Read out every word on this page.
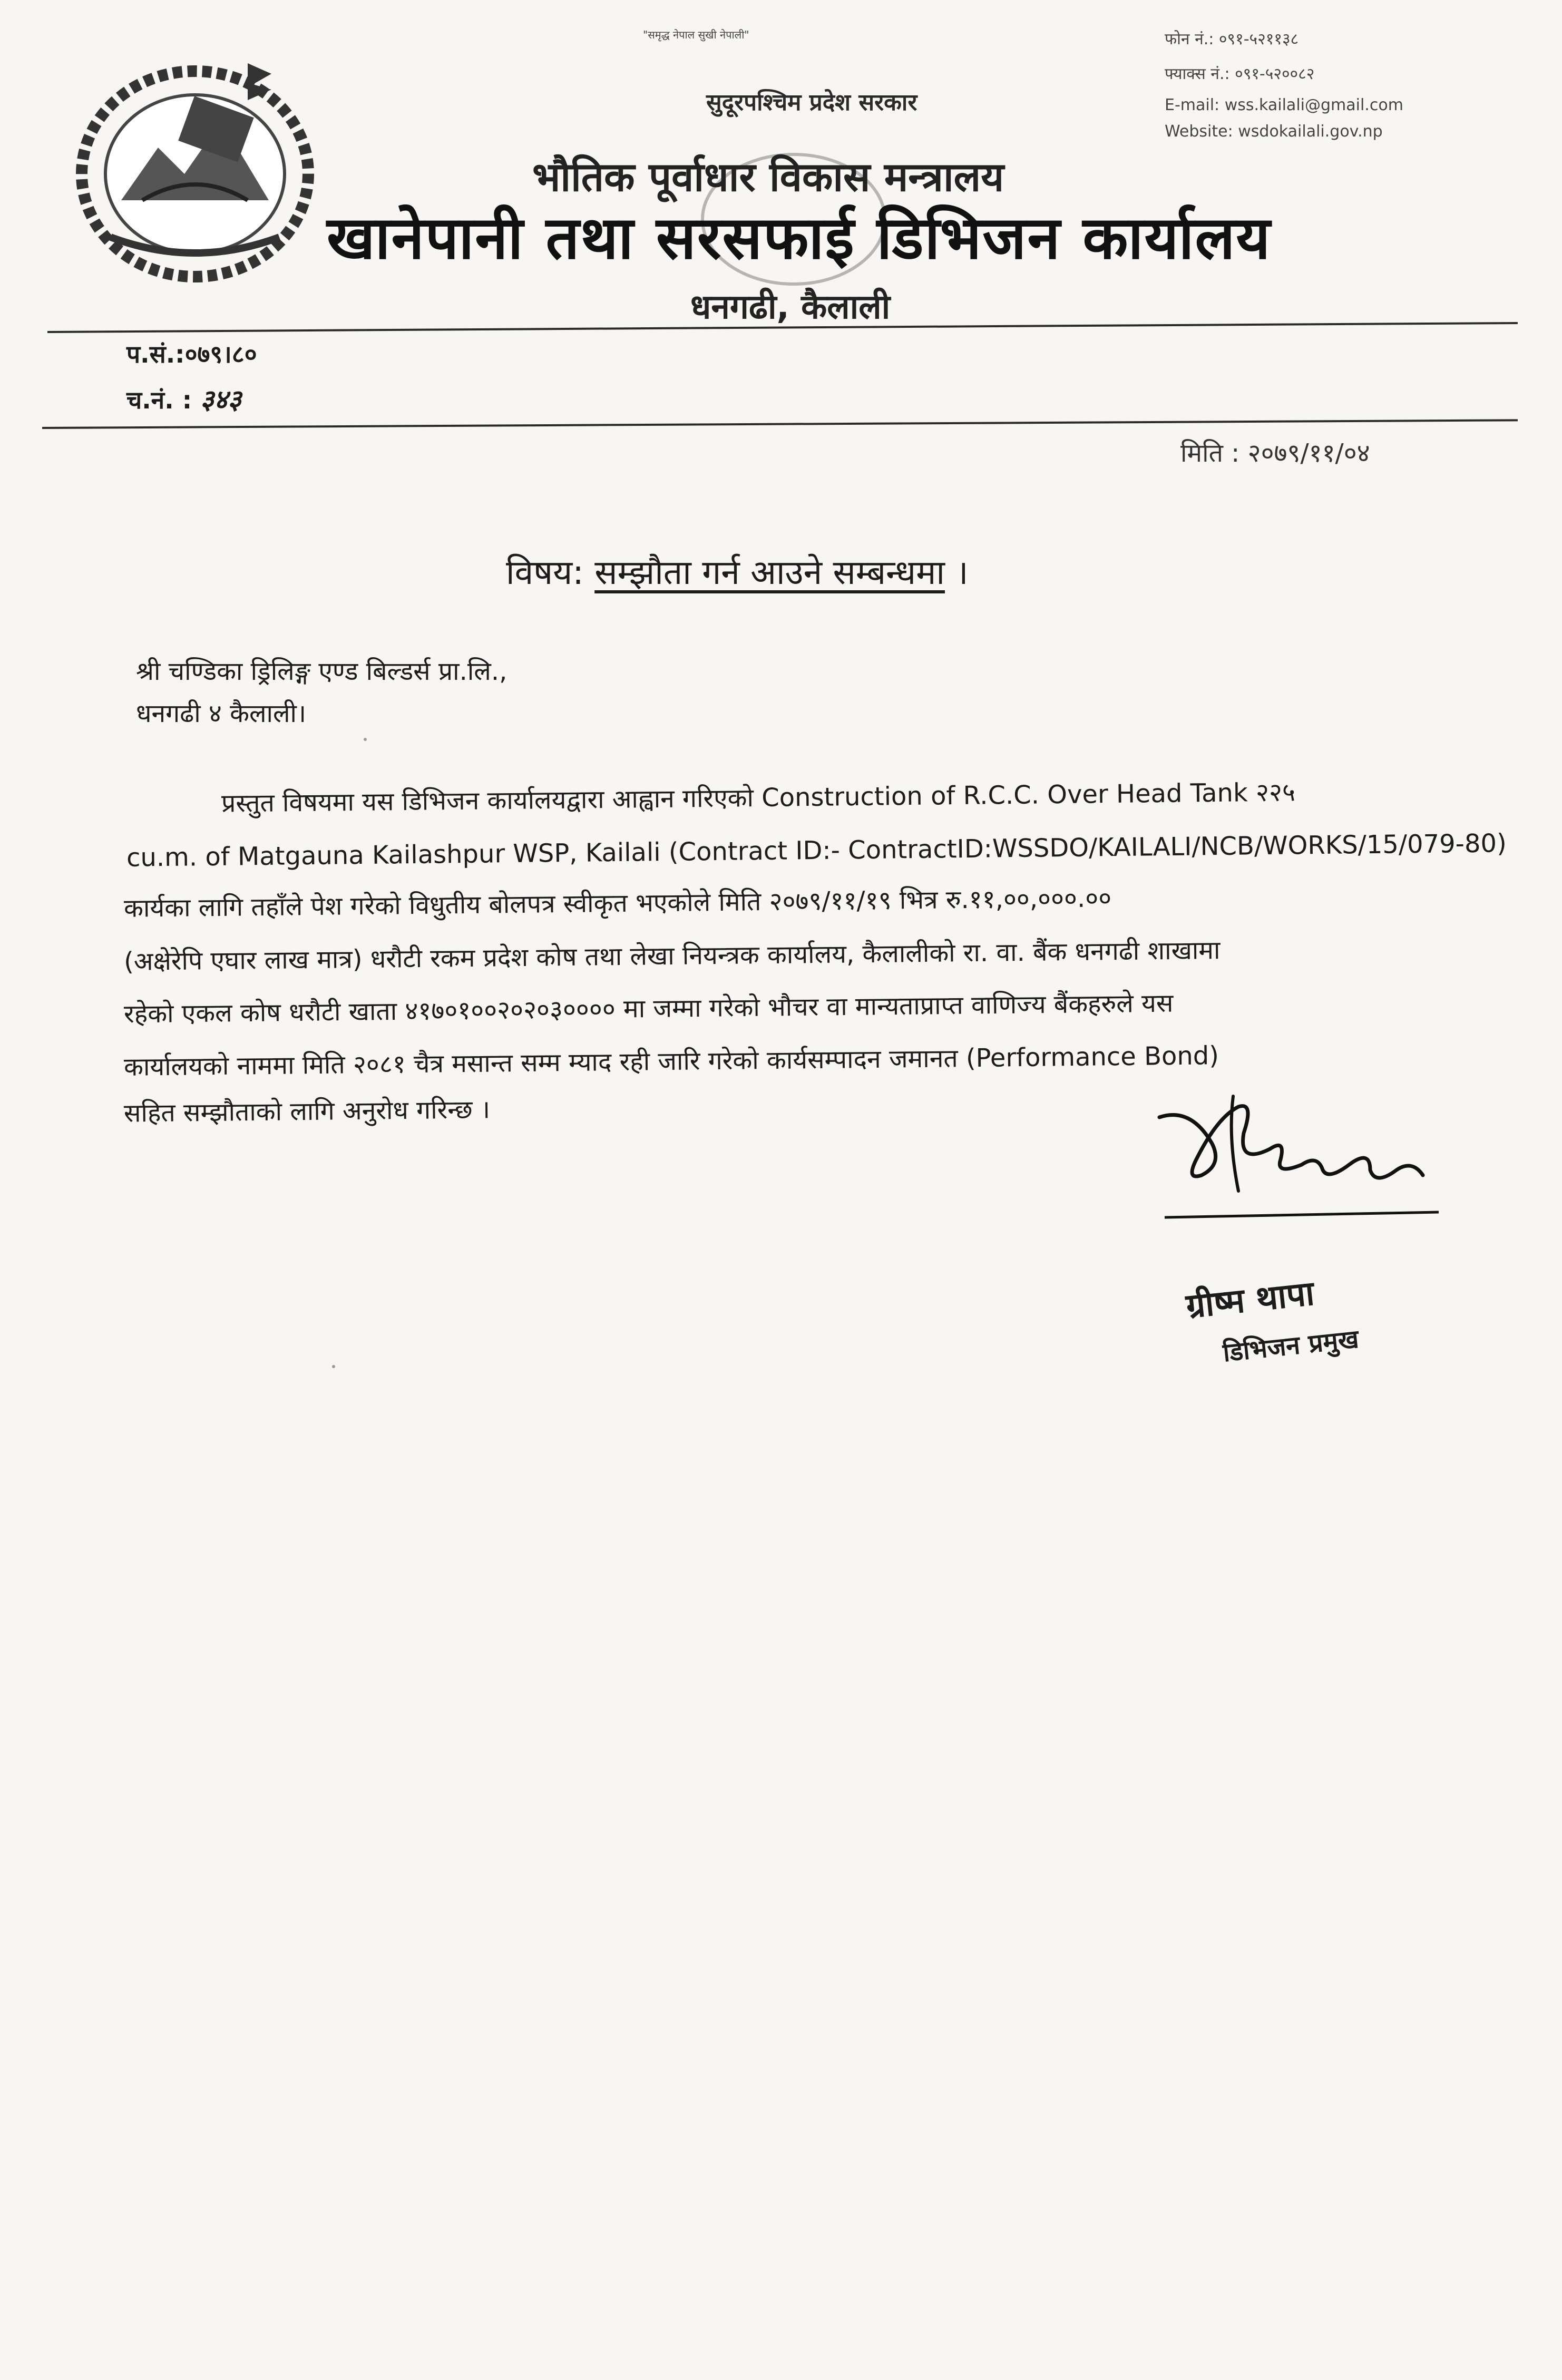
"समृद्ध नेपाल सुखी नेपाली"
सुदूरपश्चिम प्रदेश सरकार
भौतिक पूर्वाधार विकास मन्त्रालय
खानेपानी तथा सरसफाई डिभिजन कार्यालय
धनगढी, कैलाली
फोन नं.: ०९१-५२११३८
फ्याक्स नं.: ०९१-५२००८२
E-mail: wss.kailali@gmail.com
Website: wsdokailali.gov.np
प.सं.:०७९।८०
च.नं. : ३४३
मिति : २०७९/११/०४
विषय: सम्झौता गर्न आउने सम्बन्धमा ।
श्री चण्डिका ड्रिलिङ्ग एण्ड बिल्डर्स प्रा.लि.,
धनगढी ४ कैलाली।
प्रस्तुत विषयमा यस डिभिजन कार्यालयद्वारा आह्वान गरिएको Construction of R.C.C. Over Head Tank २२५
cu.m. of Matgauna Kailashpur WSP, Kailali (Contract ID:- ContractID:WSSDO/KAILALI/NCB/WORKS/15/079-80)
कार्यका लागि तहाँले पेश गरेको विधुतीय बोलपत्र स्वीकृत भएकोले मिति २०७९/११/१९ भित्र रु.११,००,०००.००
(अक्षेरेपि एघार लाख मात्र) धरौटी रकम प्रदेश कोष तथा लेखा नियन्त्रक कार्यालय, कैलालीको रा. वा. बैंक धनगढी शाखामा
रहेको एकल कोष धरौटी खाता ४१७०१००२०२०३०००० मा जम्मा गरेको भौचर वा मान्यताप्राप्त वाणिज्य बैंकहरुले यस
कार्यालयको नाममा मिति २०८१ चैत्र मसान्त सम्म म्याद रही जारि गरेको कार्यसम्पादन जमानत (Performance Bond)
सहित सम्झौताको लागि अनुरोध गरिन्छ ।
ग्रीष्म थापा
डिभिजन प्रमुख
